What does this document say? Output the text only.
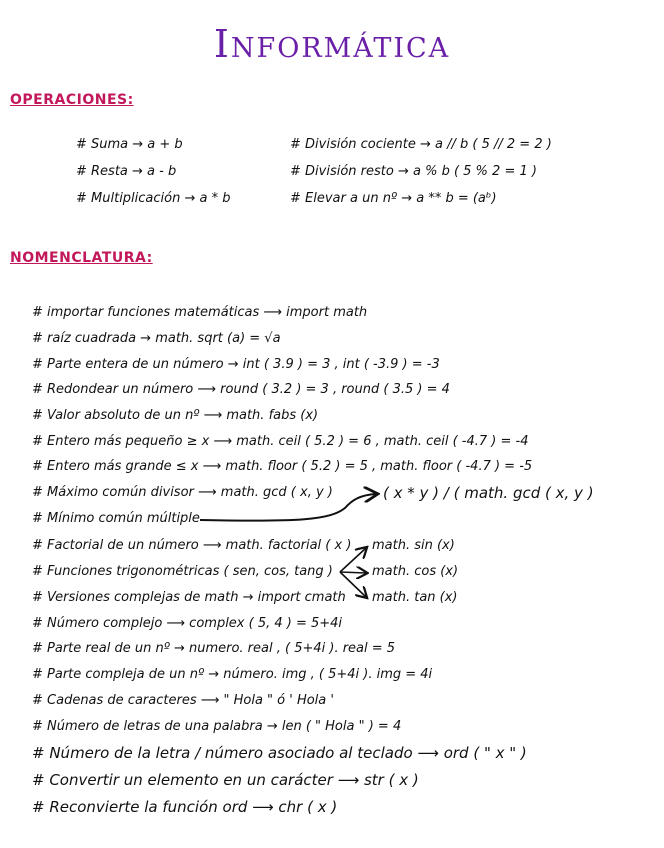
Informática
OPERACIONES:
# Suma → a + b
# Resta → a - b
# Multiplicación → a * b
# División cociente → a // b ( 5 // 2 = 2 )
# División resto → a % b ( 5 % 2 = 1 )
# Elevar a un nº → a ** b = (aᵇ)
NOMENCLATURA:
# importar funciones matemáticas ⟶ import math
# raíz cuadrada → math. sqrt (a) = √a
# Parte entera de un número → int ( 3.9 ) = 3 , int ( -3.9 ) = -3
# Redondear un número ⟶ round ( 3.2 ) = 3 , round ( 3.5 ) = 4
# Valor absoluto de un nº ⟶ math. fabs (x)
# Entero más pequeño ≥ x ⟶ math. ceil ( 5.2 ) = 6 , math. ceil ( -4.7 ) = -4
# Entero más grande ≤ x ⟶ math. floor ( 5.2 ) = 5 , math. floor ( -4.7 ) = -5
# Máximo común divisor ⟶ math. gcd ( x, y )
# Mínimo común múltiple
# Factorial de un número ⟶ math. factorial ( x )
# Funciones trigonométricas ( sen, cos, tang )
# Versiones complejas de math → import cmath
# Número complejo ⟶ complex ( 5, 4 ) = 5+4i
# Parte real de un nº → numero. real , ( 5+4i ). real = 5
# Parte compleja de un nº → número. img , ( 5+4i ). img = 4i
# Cadenas de caracteres ⟶ " Hola " ó ' Hola '
# Número de letras de una palabra → len ( " Hola " ) = 4
# Número de la letra / número asociado al teclado ⟶ ord ( " x " )
# Convertir un elemento en un carácter ⟶ str ( x )
# Reconvierte la función ord ⟶ chr ( x )
( x * y ) / ( math. gcd ( x, y )
math. sin (x)
math. cos (x)
math. tan (x)
